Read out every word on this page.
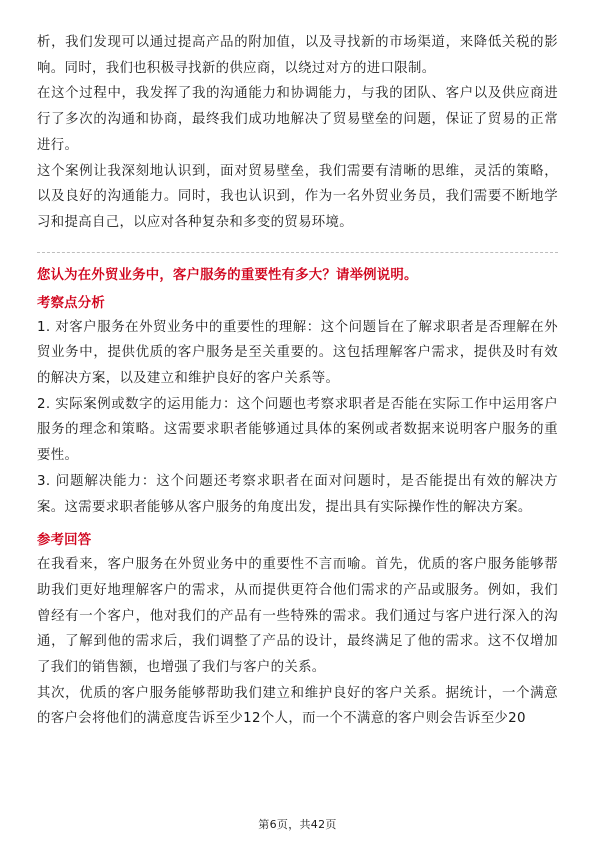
析，我们发现可以通过提高产品的附加值，以及寻找新的市场渠道，来降低关税的影响。同时，我们也积极寻找新的供应商，以绕过对方的进口限制。

在这个过程中，我发挥了我的沟通能力和协调能力，与我的团队、客户以及供应商进行了多次的沟通和协商，最终我们成功地解决了贸易壁垒的问题，保证了贸易的正常进行。

这个案例让我深刻地认识到，面对贸易壁垒，我们需要有清晰的思维，灵活的策略，以及良好的沟通能力。同时，我也认识到，作为一名外贸业务员，我们需要不断地学习和提高自己，以应对各种复杂和多变的贸易环境。

您认为在外贸业务中，客户服务的重要性有多大？请举例说明。

考察点分析

1. 对客户服务在外贸业务中的重要性的理解：这个问题旨在了解求职者是否理解在外贸业务中，提供优质的客户服务是至关重要的。这包括理解客户需求，提供及时有效的解决方案，以及建立和维护良好的客户关系等。

2. 实际案例或数字的运用能力：这个问题也考察求职者是否能在实际工作中运用客户服务的理念和策略。这需要求职者能够通过具体的案例或者数据来说明客户服务的重要性。

3. 问题解决能力：这个问题还考察求职者在面对问题时，是否能提出有效的解决方案。这需要求职者能够从客户服务的角度出发，提出具有实际操作性的解决方案。

参考回答

在我看来，客户服务在外贸业务中的重要性不言而喻。首先，优质的客户服务能够帮助我们更好地理解客户的需求，从而提供更符合他们需求的产品或服务。例如，我们曾经有一个客户，他对我们的产品有一些特殊的需求。我们通过与客户进行深入的沟通，了解到他的需求后，我们调整了产品的设计，最终满足了他的需求。这不仅增加了我们的销售额，也增强了我们与客户的关系。

其次，优质的客户服务能够帮助我们建立和维护良好的客户关系。据统计，一个满意的客户会将他们的满意度告诉至少12个人，而一个不满意的客户则会告诉至少20

第6页，共42页
